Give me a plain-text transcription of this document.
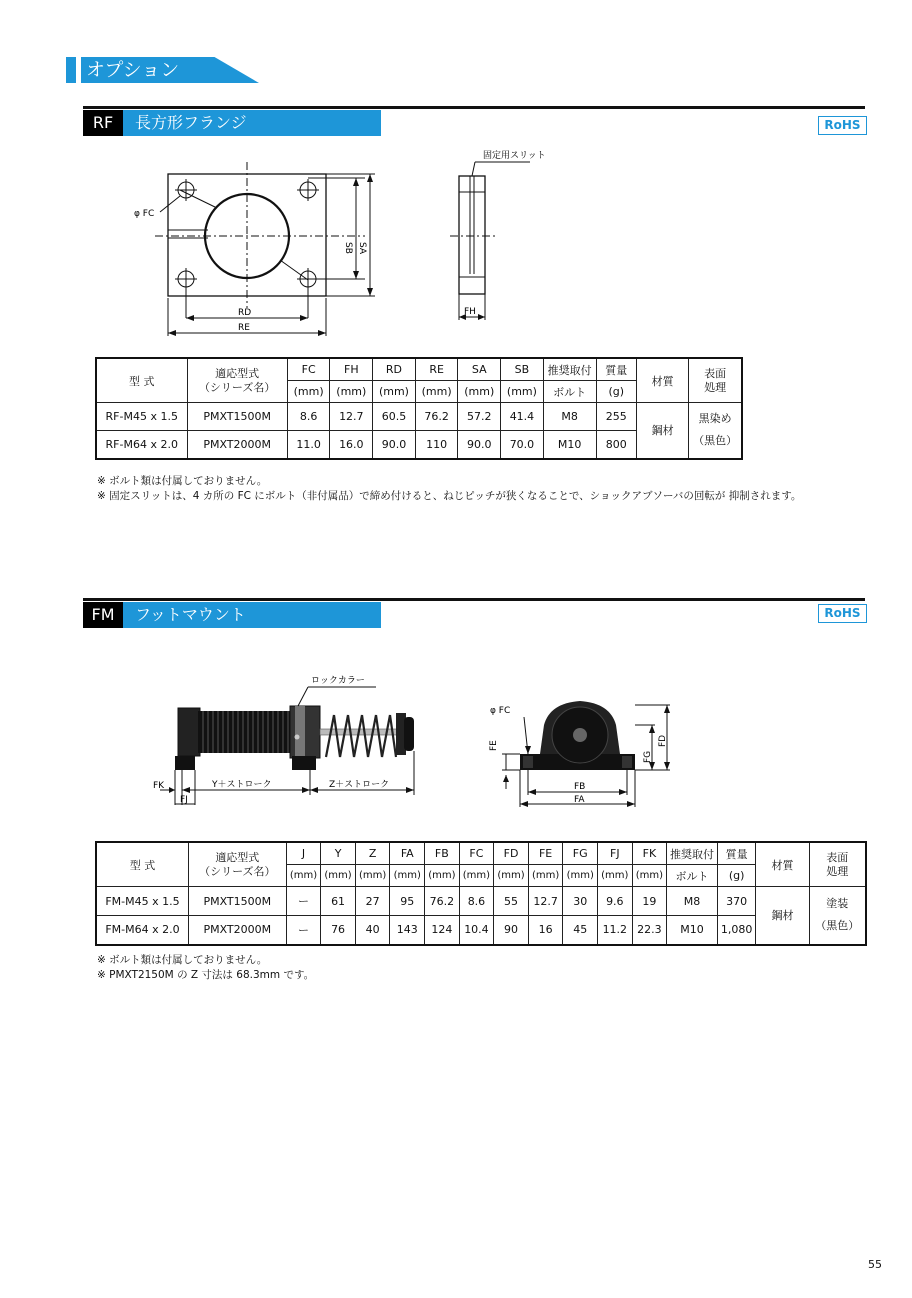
オプション
RF	長方形フランジ	RoHS
固定用スリット
φ FC
RD
RE
SB SA
FH
型 式	適応型式
（シリーズ名）	FC	FH	RD	RE	SA	SB	推奨取付	質量	材質	表面
処理
		(mm)	(mm)	(mm)	(mm)	(mm)	(mm)	ボルト	(g)		
RF-M45 x 1.5	PMXT1500M	8.6	12.7	60.5	76.2	57.2	41.4	M8	255	鋼材	黒染め
（黒色）
RF-M64 x 2.0	PMXT2000M	11.0	16.0	90.0	110	90.0	70.0	M10	800		
※ ボルト類は付属しておりません。
※ 固定スリットは、4 カ所の FC にボルト（非付属品）で締め付けると、ねじピッチが狭くなることで、ショックアブソーバの回転が 抑制されます。
FM	フットマウント	RoHS
ロックカラー
FK
FJ
Y＋ストローク	Z＋ストローク
φ FC
FE
FG
FD
FB
FA
型 式	適応型式
（シリーズ名）	J	Y	Z	FA	FB	FC	FD	FE	FG	FJ	FK	推奨取付	質量	材質	表面
処理
		(mm)	(mm)	(mm)	(mm)	(mm)	(mm)	(mm)	(mm)	(mm)	(mm)	(mm)	ボルト	(g)		
FM-M45 x 1.5	PMXT1500M	ー	61	27	95	76.2	8.6	55	12.7	30	9.6	19	M8	370	鋼材	塗装
（黒色）
FM-M64 x 2.0	PMXT2000M	ー	76	40	143	124	10.4	90	16	45	11.2	22.3	M10	1,080		
※ ボルト類は付属しておりません。
※ PMXT2150M の Z 寸法は 68.3mm です。
55
